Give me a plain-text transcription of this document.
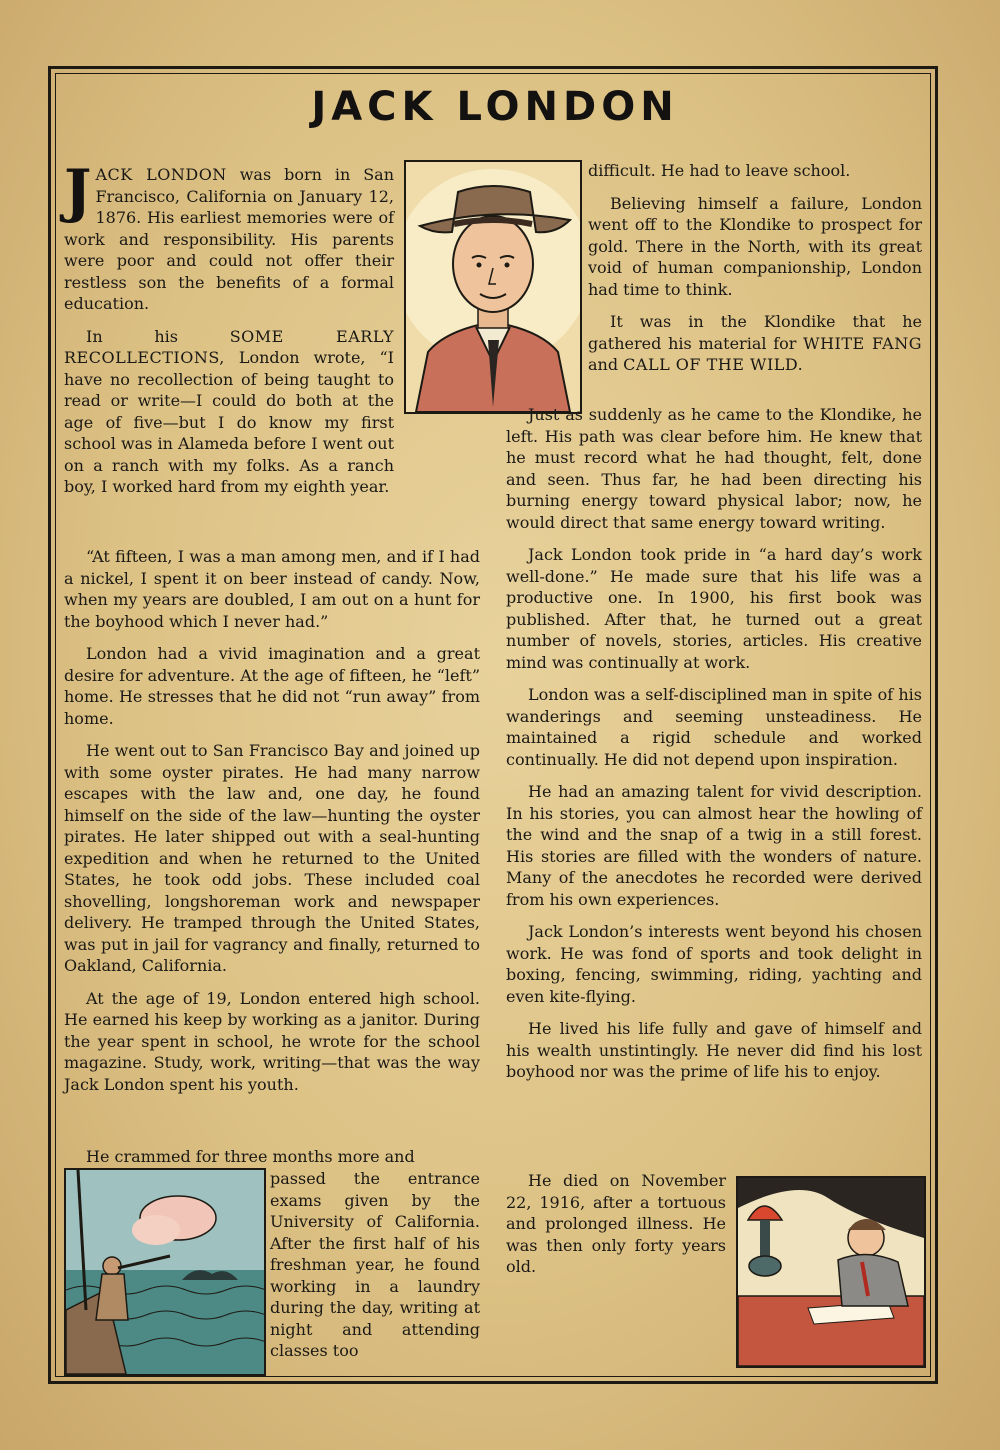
JACK LONDON

JACK LONDON was born in San Francisco, California on January 12, 1876. His earliest memories were of work and responsibility. His parents were poor and could not offer their restless son the benefits of a formal education.

In his SOME EARLY RECOLLECTIONS, London wrote, “I have no recollection of being taught to read or write—I could do both at the age of five—but I do know my first school was in Alameda before I went out on a ranch with my folks. As a ranch boy, I worked hard from my eighth year.

“At fifteen, I was a man among men, and if I had a nickel, I spent it on beer instead of candy. Now, when my years are doubled, I am out on a hunt for the boyhood which I never had.”

London had a vivid imagination and a great desire for adventure. At the age of fifteen, he “left” home. He stresses that he did not “run away” from home.

He went out to San Francisco Bay and joined up with some oyster pirates. He had many narrow escapes with the law and, one day, he found himself on the side of the law—hunting the oyster pirates. He later shipped out with a seal-hunting expedition and when he returned to the United States, he took odd jobs. These included coal shovelling, longshoreman work and newspaper delivery. He tramped through the United States, was put in jail for vagrancy and finally, returned to Oakland, California.

At the age of 19, London entered high school. He earned his keep by working as a janitor. During the year spent in school, he wrote for the school magazine. Study, work, writing—that was the way Jack London spent his youth.

He crammed for three months more and

passed the entrance exams given by the University of California. After the first half of his freshman year, he found working in a laundry during the day, writing at night and attending classes too

difficult. He had to leave school.

Believing himself a failure, London went off to the Klondike to prospect for gold. There in the North, with its great void of human companionship, London had time to think.

It was in the Klondike that he gathered his material for WHITE FANG and CALL OF THE WILD.

Just as suddenly as he came to the Klondike, he left. His path was clear before him. He knew that he must record what he had thought, felt, done and seen. Thus far, he had been directing his burning energy toward physical labor; now, he would direct that same energy toward writing.

Jack London took pride in “a hard day’s work well-done.” He made sure that his life was a productive one. In 1900, his first book was published. After that, he turned out a great number of novels, stories, articles. His creative mind was continually at work.

London was a self-disciplined man in spite of his wanderings and seeming unsteadiness. He maintained a rigid schedule and worked continually. He did not depend upon inspiration.

He had an amazing talent for vivid description. In his stories, you can almost hear the howling of the wind and the snap of a twig in a still forest. His stories are filled with the wonders of nature. Many of the anecdotes he recorded were derived from his own experiences.

Jack London’s interests went beyond his chosen work. He was fond of sports and took delight in boxing, fencing, swimming, riding, yachting and even kite-flying.

He lived his life fully and gave of himself and his wealth unstintingly. He never did find his lost boyhood nor was the prime of life his to enjoy.

He died on November 22, 1916, after a tortuous and prolonged illness. He was then only forty years old.
